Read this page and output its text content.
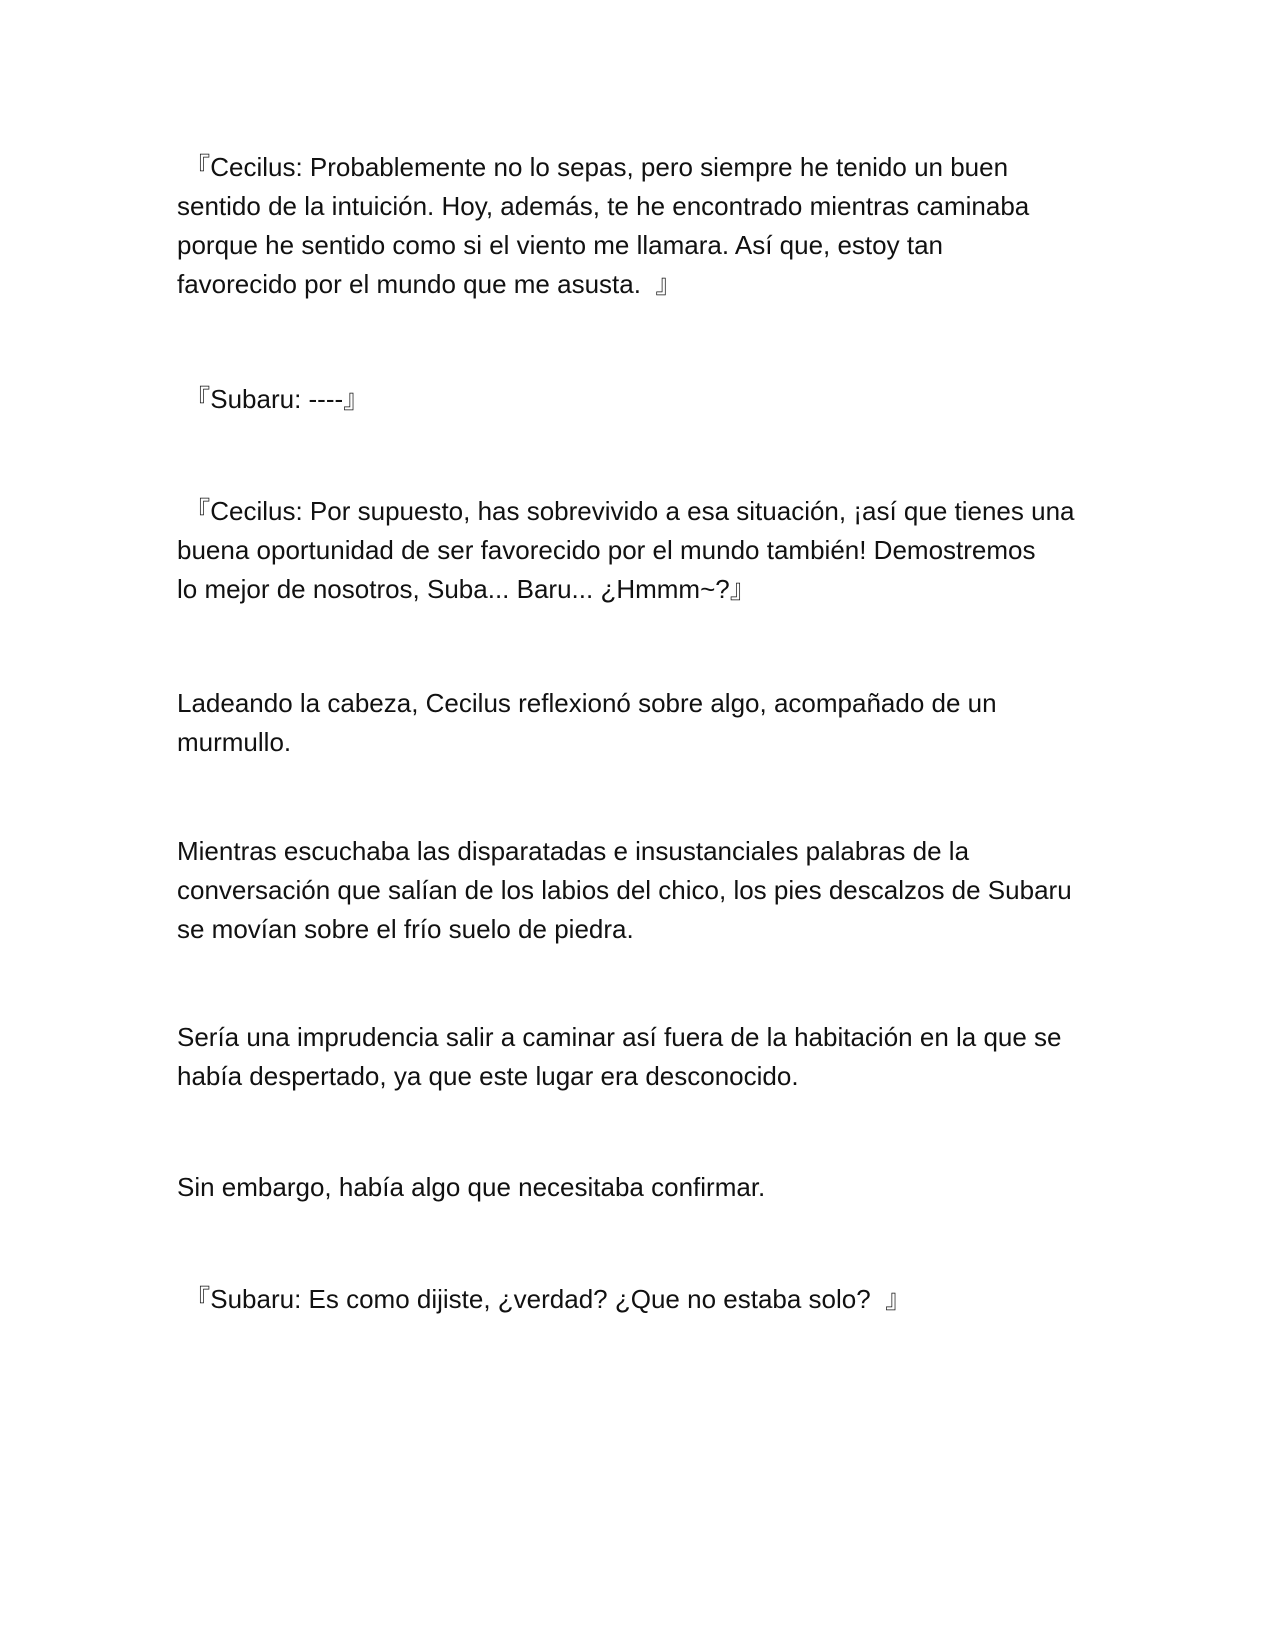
『Cecilus: Probablemente no lo sepas, pero siempre he tenido un buen
sentido de la intuición. Hoy, además, te he encontrado mientras caminaba
porque he sentido como si el viento me llamara. Así que, estoy tan
favorecido por el mundo que me asusta.  』

『Subaru: ----』

『Cecilus: Por supuesto, has sobrevivido a esa situación, ¡así que tienes una
buena oportunidad de ser favorecido por el mundo también! Demostremos
lo mejor de nosotros, Suba... Baru... ¿Hmmm~?』

Ladeando la cabeza, Cecilus reflexionó sobre algo, acompañado de un
murmullo.

Mientras escuchaba las disparatadas e insustanciales palabras de la
conversación que salían de los labios del chico, los pies descalzos de Subaru
se movían sobre el frío suelo de piedra.

Sería una imprudencia salir a caminar así fuera de la habitación en la que se
había despertado, ya que este lugar era desconocido.

Sin embargo, había algo que necesitaba confirmar.

『Subaru: Es como dijiste, ¿verdad? ¿Que no estaba solo?  』
